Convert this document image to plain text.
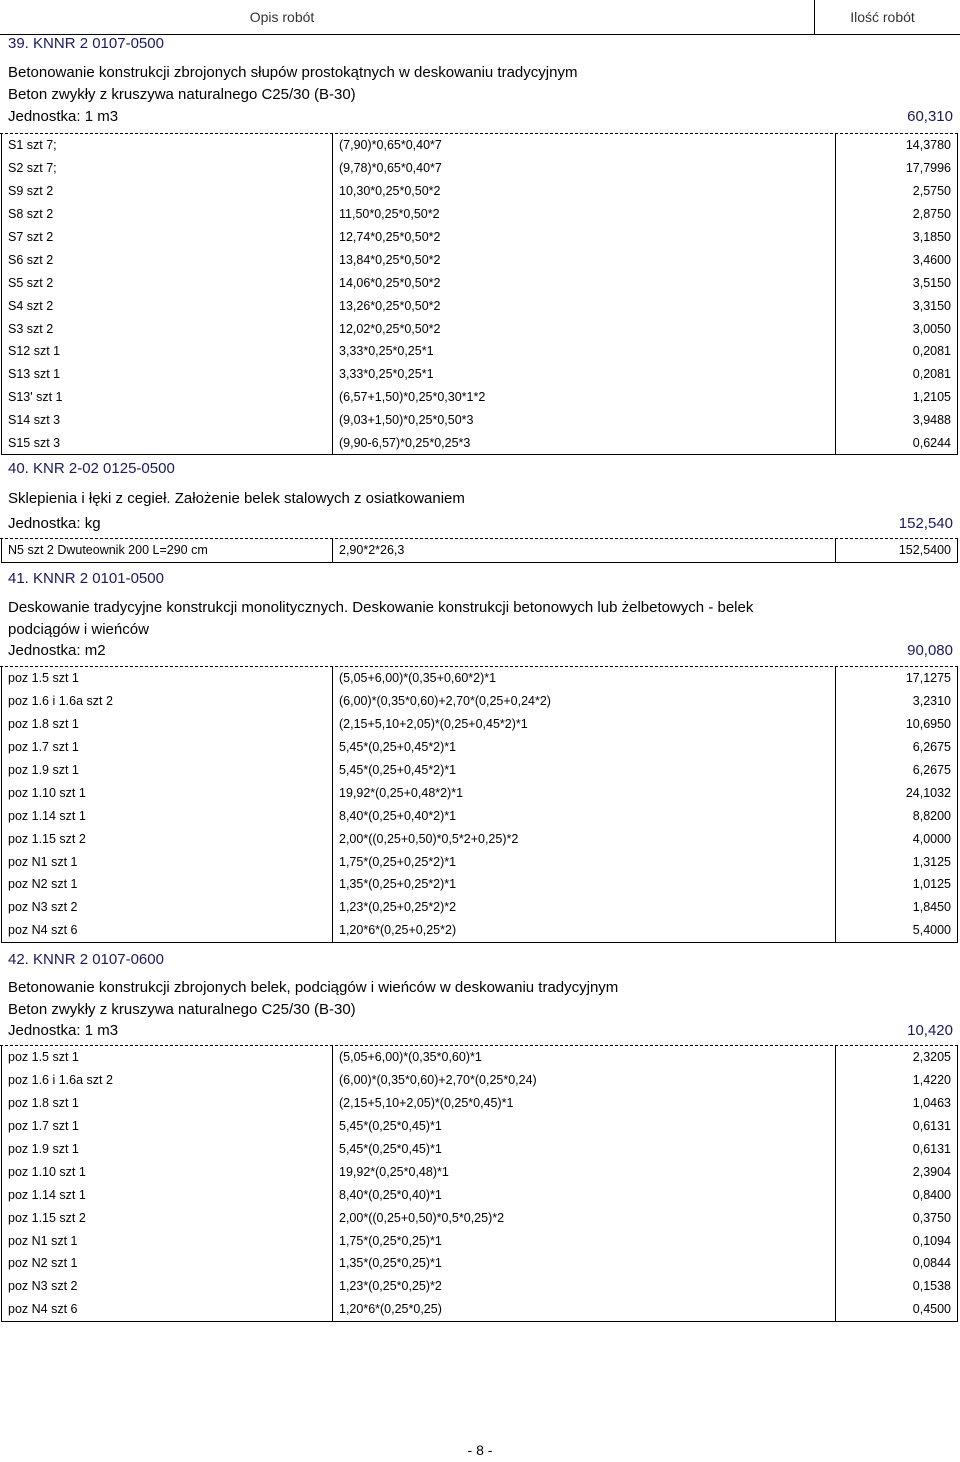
Opis robót	Ilość robót
39. KNNR 2 0107-0500
Betonowanie konstrukcji zbrojonych słupów prostokątnych w deskowaniu tradycyjnym
Beton zwykły z kruszywa naturalnego C25/30 (B-30)
Jednostka: 1 m3	60,310
S1 szt 7;	(7,90)*0,65*0,40*7	14,3780
S2 szt 7;	(9,78)*0,65*0,40*7	17,7996
S9 szt 2	10,30*0,25*0,50*2	2,5750
S8 szt 2	11,50*0,25*0,50*2	2,8750
S7 szt 2	12,74*0,25*0,50*2	3,1850
S6 szt 2	13,84*0,25*0,50*2	3,4600
S5 szt 2	14,06*0,25*0,50*2	3,5150
S4 szt 2	13,26*0,25*0,50*2	3,3150
S3 szt 2	12,02*0,25*0,50*2	3,0050
S12 szt 1	3,33*0,25*0,25*1	0,2081
S13 szt 1	3,33*0,25*0,25*1	0,2081
S13' szt 1	(6,57+1,50)*0,25*0,30*1*2	1,2105
S14 szt 3	(9,03+1,50)*0,25*0,50*3	3,9488
S15 szt 3	(9,90-6,57)*0,25*0,25*3	0,6244
40. KNR 2-02 0125-0500
Sklepienia i łęki z cegieł. Założenie belek stalowych z osiatkowaniem
Jednostka: kg	152,540
N5 szt 2 Dwuteownik 200 L=290 cm	2,90*2*26,3	152,5400
41. KNNR 2 0101-0500
Deskowanie tradycyjne konstrukcji monolitycznych. Deskowanie konstrukcji betonowych lub żelbetowych - belek
podciągów i wieńców
Jednostka: m2	90,080
poz 1.5 szt 1	(5,05+6,00)*(0,35+0,60*2)*1	17,1275
poz 1.6 i 1.6a szt 2	(6,00)*(0,35*0,60)+2,70*(0,25+0,24*2)	3,2310
poz 1.8 szt 1	(2,15+5,10+2,05)*(0,25+0,45*2)*1	10,6950
poz 1.7 szt 1	5,45*(0,25+0,45*2)*1	6,2675
poz 1.9 szt 1	5,45*(0,25+0,45*2)*1	6,2675
poz 1.10 szt 1	19,92*(0,25+0,48*2)*1	24,1032
poz 1.14 szt 1	8,40*(0,25+0,40*2)*1	8,8200
poz 1.15 szt 2	2,00*((0,25+0,50)*0,5*2+0,25)*2	4,0000
poz N1 szt 1	1,75*(0,25+0,25*2)*1	1,3125
poz N2 szt 1	1,35*(0,25+0,25*2)*1	1,0125
poz N3 szt 2	1,23*(0,25+0,25*2)*2	1,8450
poz N4 szt 6	1,20*6*(0,25+0,25*2)	5,4000
42. KNNR 2 0107-0600
Betonowanie konstrukcji zbrojonych belek, podciągów i wieńców w deskowaniu tradycyjnym
Beton zwykły z kruszywa naturalnego C25/30 (B-30)
Jednostka: 1 m3	10,420
poz 1.5 szt 1	(5,05+6,00)*(0,35*0,60)*1	2,3205
poz 1.6 i 1.6a szt 2	(6,00)*(0,35*0,60)+2,70*(0,25*0,24)	1,4220
poz 1.8 szt 1	(2,15+5,10+2,05)*(0,25*0,45)*1	1,0463
poz 1.7 szt 1	5,45*(0,25*0,45)*1	0,6131
poz 1.9 szt 1	5,45*(0,25*0,45)*1	0,6131
poz 1.10 szt 1	19,92*(0,25*0,48)*1	2,3904
poz 1.14 szt 1	8,40*(0,25*0,40)*1	0,8400
poz 1.15 szt 2	2,00*((0,25+0,50)*0,5*0,25)*2	0,3750
poz N1 szt 1	1,75*(0,25*0,25)*1	0,1094
poz N2 szt 1	1,35*(0,25*0,25)*1	0,0844
poz N3 szt 2	1,23*(0,25*0,25)*2	0,1538
poz N4 szt 6	1,20*6*(0,25*0,25)	0,4500
- 8 -
